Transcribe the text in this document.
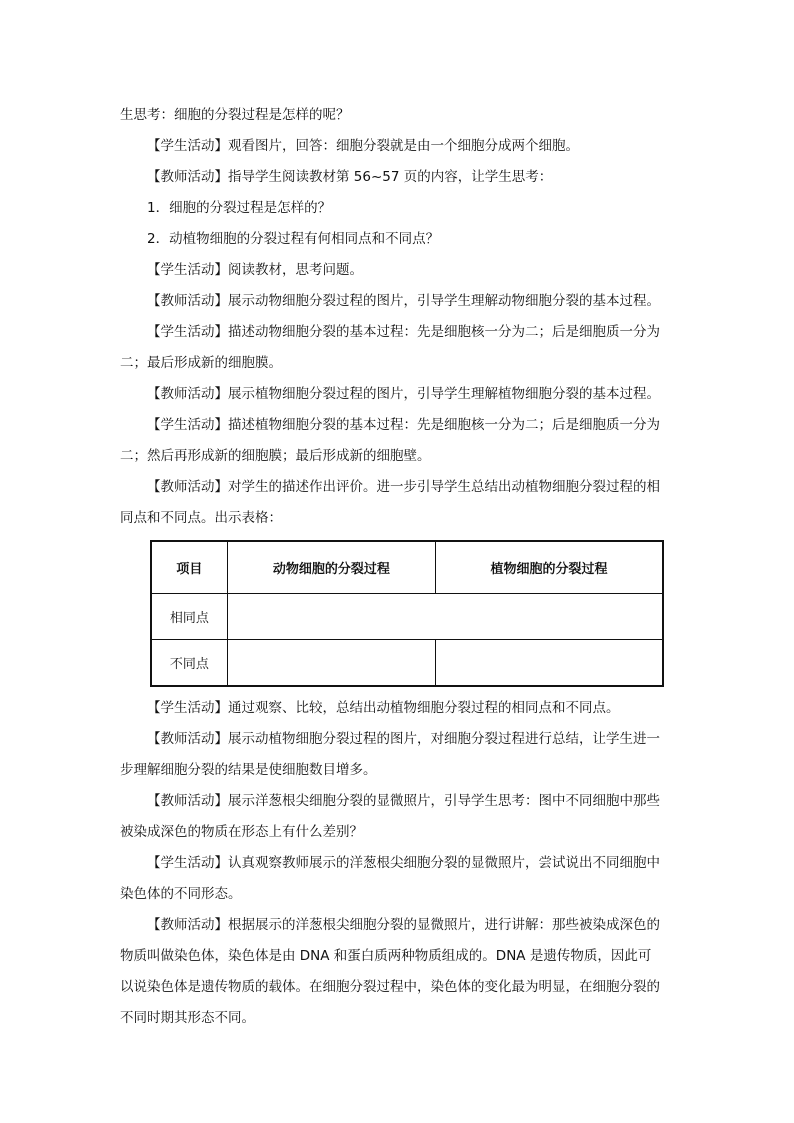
生思考：细胞的分裂过程是怎样的呢？

【学生活动】观看图片，回答：细胞分裂就是由一个细胞分成两个细胞。

【教师活动】指导学生阅读教材第 56~57 页的内容，让学生思考：

1．细胞的分裂过程是怎样的？

2．动植物细胞的分裂过程有何相同点和不同点？

【学生活动】阅读教材，思考问题。

【教师活动】展示动物细胞分裂过程的图片，引导学生理解动物细胞分裂的基本过程。

【学生活动】描述动物细胞分裂的基本过程：先是细胞核一分为二；后是细胞质一分为

二；最后形成新的细胞膜。

【教师活动】展示植物细胞分裂过程的图片，引导学生理解植物细胞分裂的基本过程。

【学生活动】描述植物细胞分裂的基本过程：先是细胞核一分为二；后是细胞质一分为

二；然后再形成新的细胞膜；最后形成新的细胞壁。

【教师活动】对学生的描述作出评价。进一步引导学生总结出动植物细胞分裂过程的相

同点和不同点。出示表格：

项目	动物细胞的分裂过程	植物细胞的分裂过程
相同点		
不同点		

【学生活动】通过观察、比较，总结出动植物细胞分裂过程的相同点和不同点。

【教师活动】展示动植物细胞分裂过程的图片，对细胞分裂过程进行总结，让学生进一

步理解细胞分裂的结果是使细胞数目增多。

【教师活动】展示洋葱根尖细胞分裂的显微照片，引导学生思考：图中不同细胞中那些

被染成深色的物质在形态上有什么差别？

【学生活动】认真观察教师展示的洋葱根尖细胞分裂的显微照片，尝试说出不同细胞中

染色体的不同形态。

【教师活动】根据展示的洋葱根尖细胞分裂的显微照片，进行讲解：那些被染成深色的

物质叫做染色体，染色体是由 DNA 和蛋白质两种物质组成的。DNA 是遗传物质，因此可

以说染色体是遗传物质的载体。在细胞分裂过程中，染色体的变化最为明显，在细胞分裂的

不同时期其形态不同。
